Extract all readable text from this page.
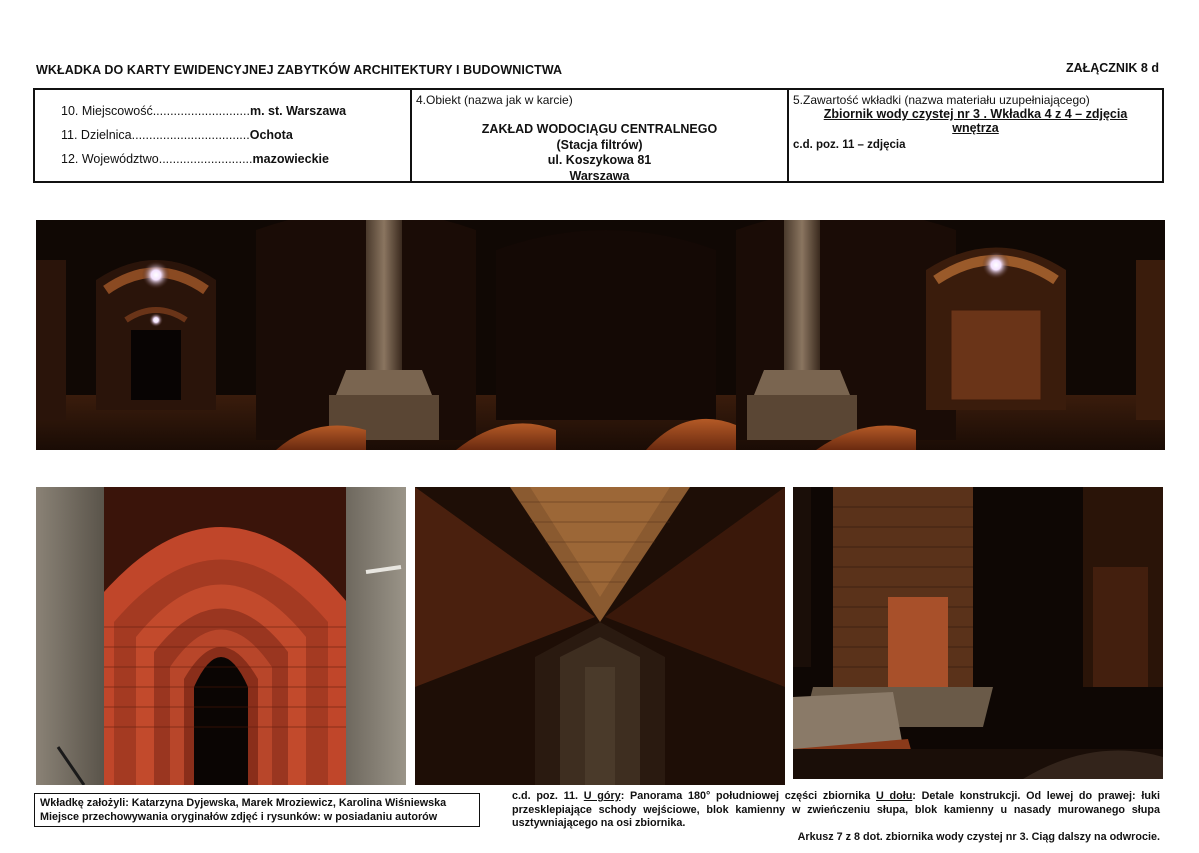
WKŁADKA DO KARTY EWIDENCYJNEJ ZABYTKÓW ARCHITEKTURY I BUDOWNICTWA	ZAŁĄCZNIK 8 d
10. Miejscowość............................m. st. Warszawa
11. Dzielnica..................................Ochota
12. Województwo...........................mazowieckie
4.Obiekt (nazwa jak w karcie)
ZAKŁAD WODOCIĄGU CENTRALNEGO
(Stacja filtrów)
ul. Koszykowa 81
Warszawa
5.Zawartość wkładki (nazwa materiału uzupełniającego)
Zbiornik wody czystej nr 3 . Wkładka 4 z 4 – zdjęcia
wnętrza
c.d. poz. 11 – zdjęcia
Wkładkę założyli: Katarzyna Dyjewska, Marek Mroziewicz, Karolina Wiśniewska
Miejsce przechowywania oryginałów zdjęć i rysunków: w posiadaniu autorów
c.d. poz. 11. U góry: Panorama 180° południowej części zbiornika U dołu: Detale konstrukcji. Od lewej do prawej: łuki przesklepiające schody wejściowe, blok kamienny w zwieńczeniu słupa, blok kamienny u nasady murowanego słupa usztywniającego na osi zbiornika.
Arkusz 7 z 8 dot. zbiornika wody czystej nr 3. Ciąg dalszy na odwrocie.
